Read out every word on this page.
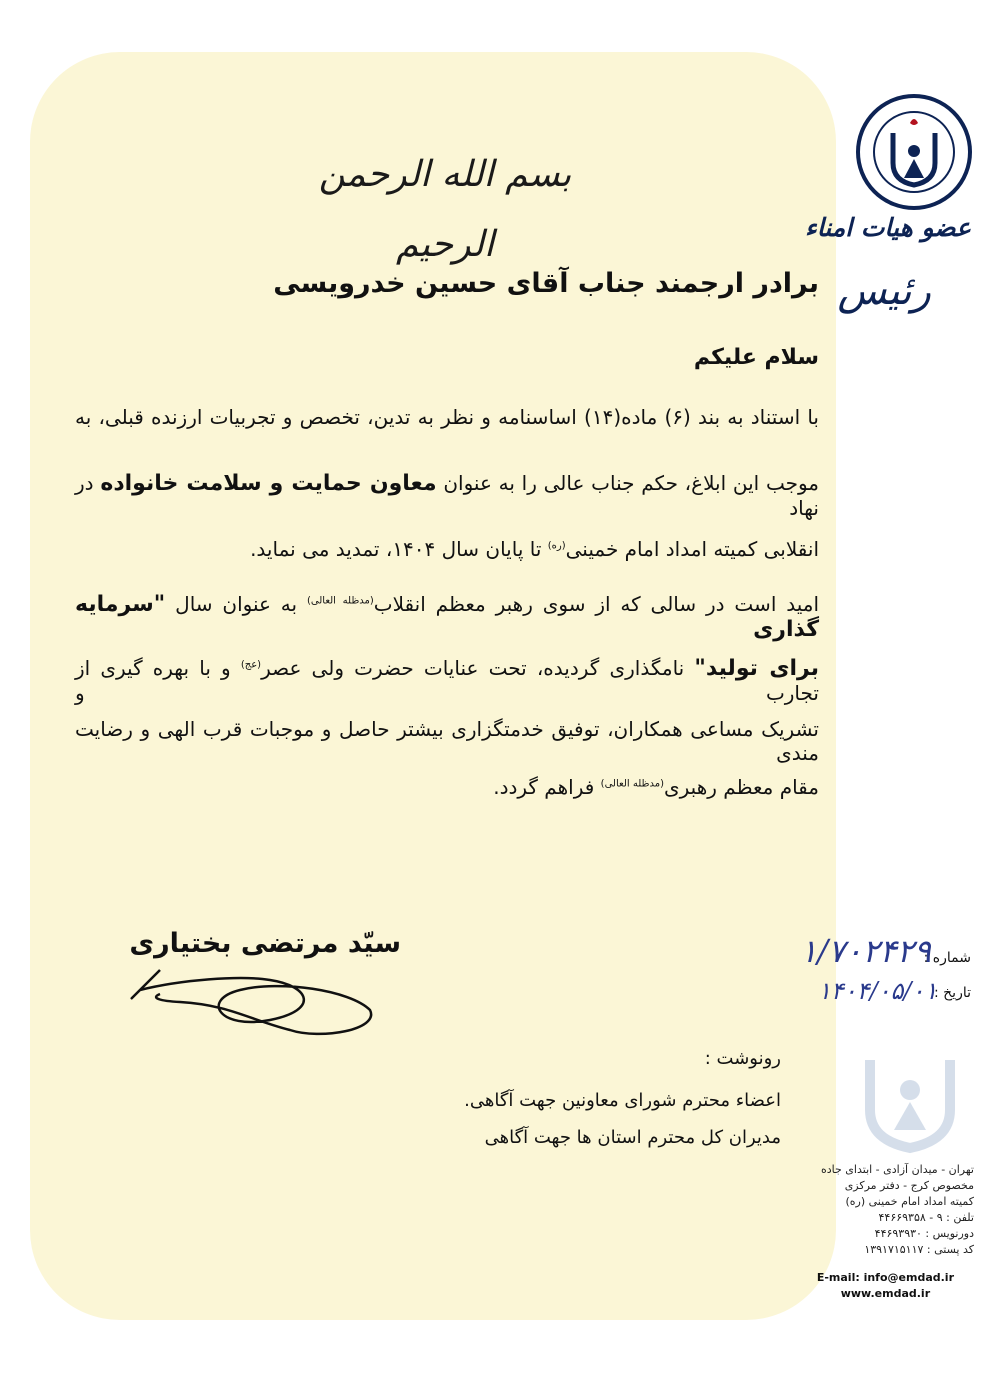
بسم الله الرحمن الرحيم
برادر ارجمند جناب آقای حسین خدرویسی
سلام علیکم
با استناد به بند (۶) ماده(۱۴) اساسنامه و نظر به تدین، تخصص و تجربیات ارزنده قبلی، به
موجب این ابلاغ، حکم جناب عالی را به عنوان معاون حمایت و سلامت خانواده در نهاد
انقلابی کمیته امداد امام خمینی$^{(ره)}$ تا پایان سال ۱۴۰۴، تمدید می نماید.
امید است در سالی که از سوی رهبر معظم انقلاب$^{(مدظله العالی)}$ به عنوان سال "سرمایه گذاری
برای تولید" نامگذاری گردیده، تحت عنایات حضرت ولی عصر$^{(عج)}$ و با بهره گیری از تجارب و
تشریک مساعی همکاران، توفیق خدمتگزاری بیشتر حاصل و موجبات قرب الهی و رضایت مندی
مقام معظم رهبری$^{(مدظله العالی)}$ فراهم گردد.
سیّد مرتضی بختیاری
رونوشت :
اعضاء محترم شورای معاونین جهت آگاهی.
مدیران کل محترم استان ها جهت آگاهی
عضو هیات امناء
رئیس
شماره :
۱/۷۰۲۴۲۹
تاریخ :
۱۴۰۴/۰۵/۰۱
تهران - میدان آزادی - ابتدای جاده
مخصوص کرج - دفتر مرکزی
کمیته امداد امام خمینی (ره)
تلفن : ۹ - ۴۴۶۶۹۳۵۸
دورنویس : ۴۴۶۹۳۹۳۰
کد پستی : ۱۳۹۱۷۱۵۱۱۷
E-mail: info@emdad.ir
www.emdad.ir
